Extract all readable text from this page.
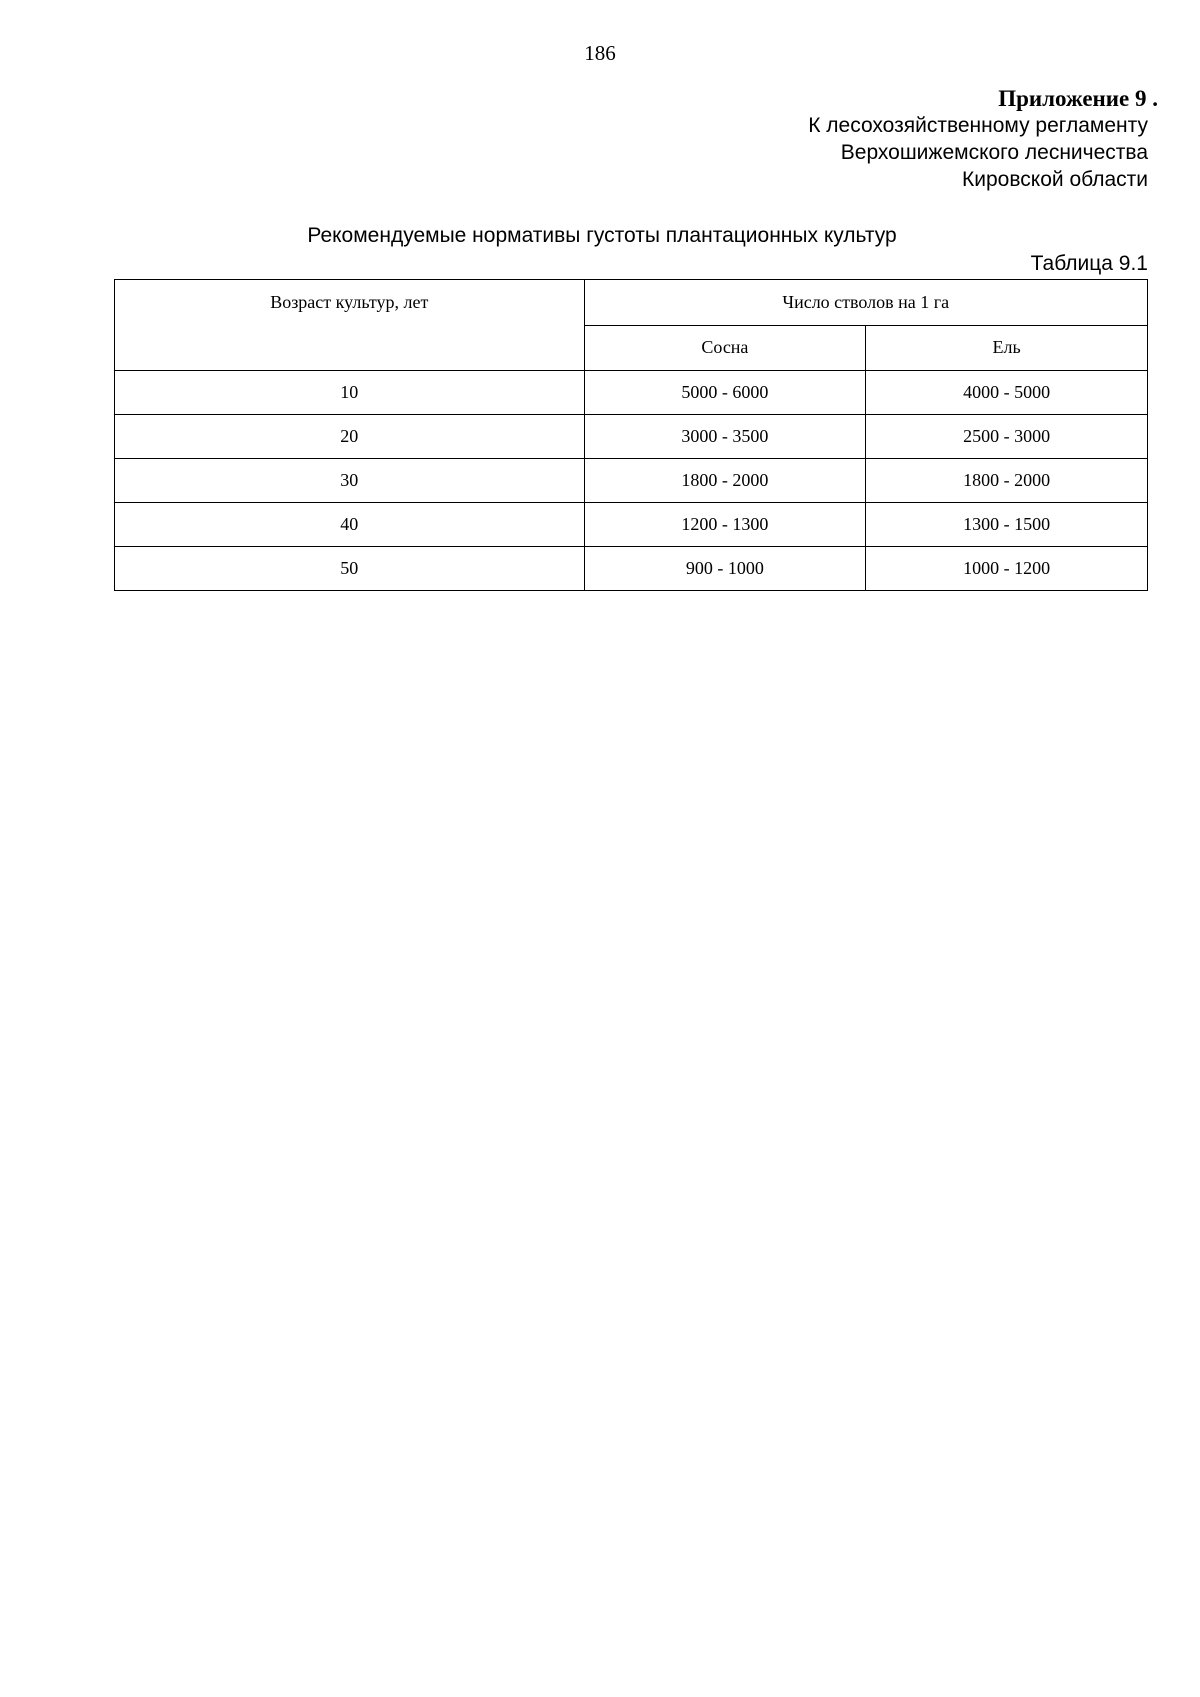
186
Приложение 9 .
К лесохозяйственному регламенту
Верхошижемского лесничества
Кировской области
Рекомендуемые нормативы густоты плантационных культур
Таблица 9.1
Возраст культур, лет	Число стволов на 1 га	
	Сосна	Ель
10	5000 - 6000	4000 - 5000
20	3000 - 3500	2500 - 3000
30	1800 - 2000	1800 - 2000
40	1200 - 1300	1300 - 1500
50	900 - 1000	1000 - 1200
